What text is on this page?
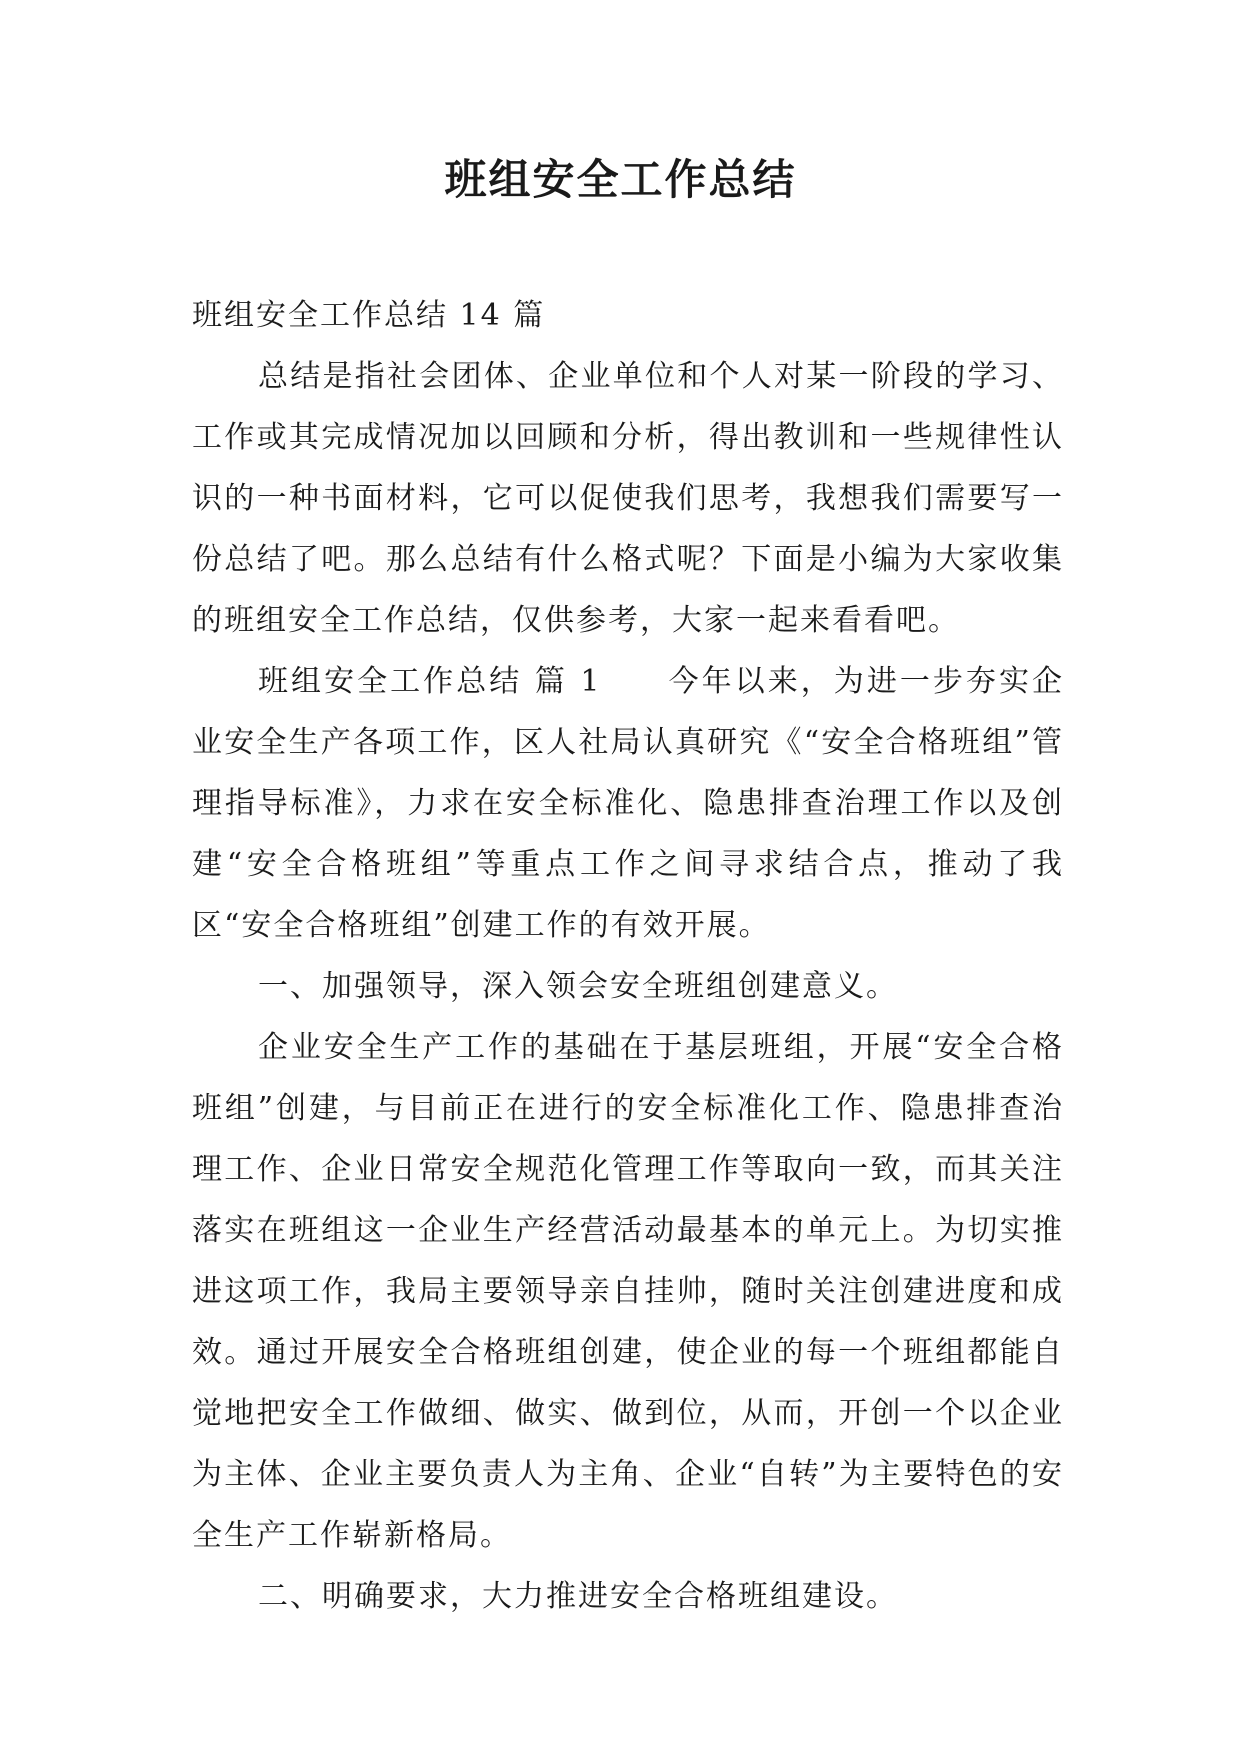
班组安全工作总结

班组安全工作总结 14 篇

总结是指社会团体、企业单位和个人对某一阶段的学习、工作或其完成情况加以回顾和分析，得出教训和一些规律性认识的一种书面材料，它可以促使我们思考，我想我们需要写一份总结了吧。那么总结有什么格式呢？下面是小编为大家收集的班组安全工作总结，仅供参考，大家一起来看看吧。

班组安全工作总结 篇 1　　今年以来，为进一步夯实企业安全生产各项工作，区人社局认真研究《“安全合格班组”管理指导标准》，力求在安全标准化、隐患排查治理工作以及创建“安全合格班组”等重点工作之间寻求结合点，推动了我区“安全合格班组”创建工作的有效开展。

一、加强领导，深入领会安全班组创建意义。

企业安全生产工作的基础在于基层班组，开展“安全合格班组”创建，与目前正在进行的安全标准化工作、隐患排查治理工作、企业日常安全规范化管理工作等取向一致，而其关注落实在班组这一企业生产经营活动最基本的单元上。为切实推进这项工作，我局主要领导亲自挂帅，随时关注创建进度和成效。通过开展安全合格班组创建，使企业的每一个班组都能自觉地把安全工作做细、做实、做到位，从而，开创一个以企业为主体、企业主要负责人为主角、企业“自转”为主要特色的安全生产工作崭新格局。

二、明确要求，大力推进安全合格班组建设。
